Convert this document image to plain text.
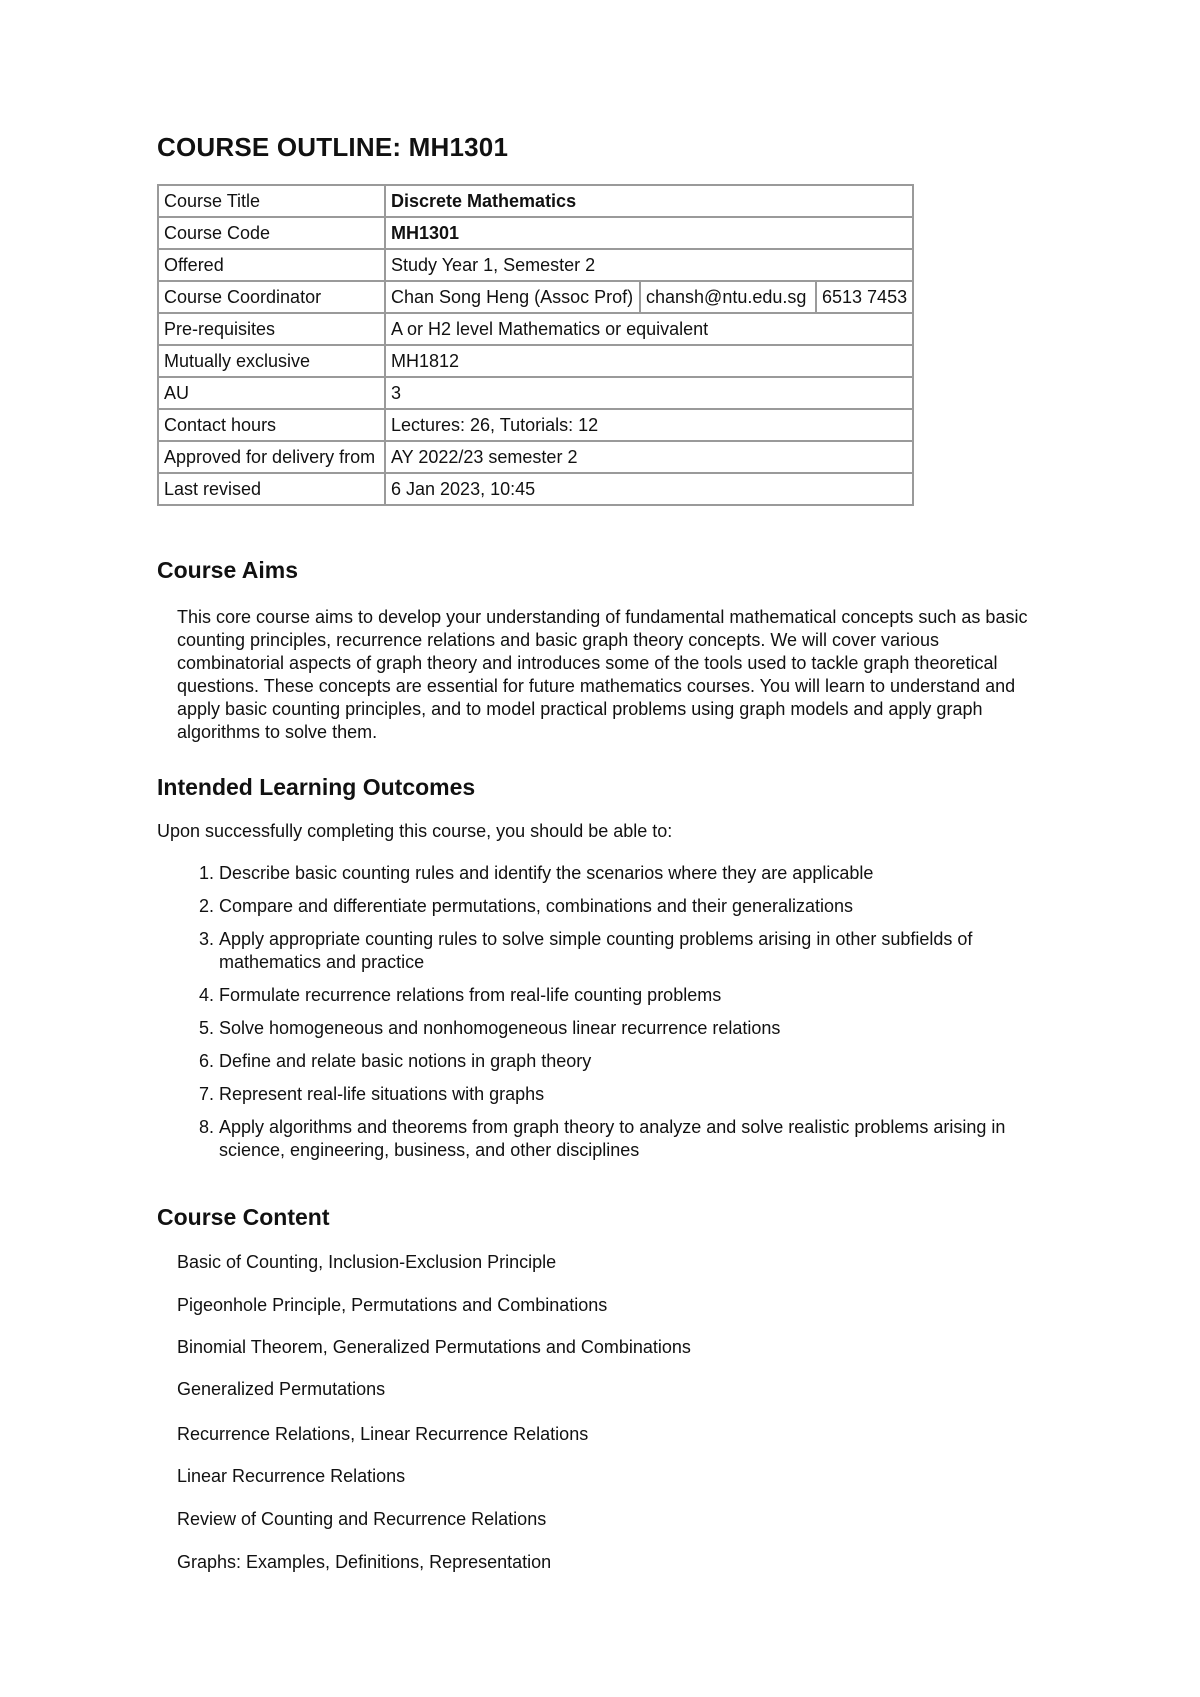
COURSE OUTLINE: MH1301
Course Title	Discrete Mathematics		
Course Code	MH1301		
Offered	Study Year 1, Semester 2		
Course Coordinator	Chan Song Heng (Assoc Prof)	chansh@ntu.edu.sg	6513 7453
Pre-requisites	A or H2 level Mathematics or equivalent		
Mutually exclusive	MH1812		
AU	3		
Contact hours	Lectures: 26, Tutorials: 12		
Approved for delivery from	AY 2022/23 semester 2		
Last revised	6 Jan 2023, 10:45		
Course Aims

This core course aims to develop your understanding of fundamental mathematical concepts such as basic counting principles, recurrence relations and basic graph theory concepts. We will cover various combinatorial aspects of graph theory and introduces some of the tools used to tackle graph theoretical questions. These concepts are essential for future mathematics courses. You will learn to understand and apply basic counting principles, and to model practical problems using graph models and apply graph algorithms to solve them.

Intended Learning Outcomes

Upon successfully completing this course, you should be able to:

1. Describe basic counting rules and identify the scenarios where they are applicable
2. Compare and differentiate permutations, combinations and their generalizations
3. Apply appropriate counting rules to solve simple counting problems arising in other subfields of mathematics and practice
4. Formulate recurrence relations from real-life counting problems
5. Solve homogeneous and nonhomogeneous linear recurrence relations
6. Define and relate basic notions in graph theory
7. Represent real-life situations with graphs
8. Apply algorithms and theorems from graph theory to analyze and solve realistic problems arising in science, engineering, business, and other disciplines
Course Content

Basic of Counting, Inclusion-Exclusion Principle

Pigeonhole Principle, Permutations and Combinations

Binomial Theorem, Generalized Permutations and Combinations

Generalized Permutations

Recurrence Relations, Linear Recurrence Relations

Linear Recurrence Relations

Review of Counting and Recurrence Relations

Graphs: Examples, Definitions, Representation
